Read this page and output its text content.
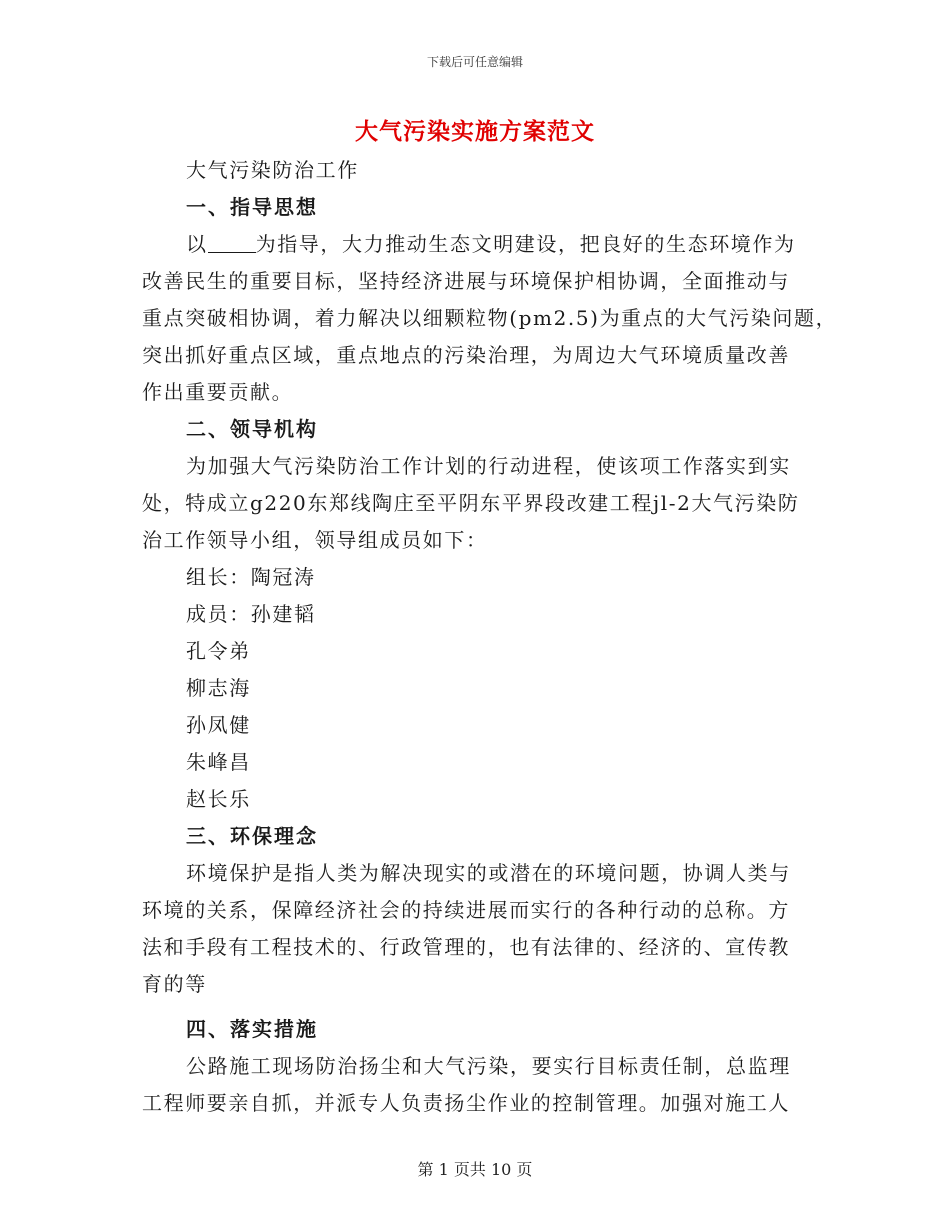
下载后可任意编辑
大气污染实施方案范文
大气污染防治工作
一、指导思想
以 为指导，大力推动生态文明建设，把良好的生态环境作为
改善民生的重要目标，坚持经济进展与环境保护相协调，全面推动与
重点突破相协调，着力解决以细颗粒物(pm2.5)为重点的大气污染问题，
突出抓好重点区域，重点地点的污染治理，为周边大气环境质量改善
作出重要贡献。
二、领导机构
为加强大气污染防治工作计划的行动进程，使该项工作落实到实
处，特成立g220东郑线陶庄至平阴东平界段改建工程jl-2大气污染防
治工作领导小组，领导组成员如下：
组长：陶冠涛
成员：孙建韬
孔令弟
柳志海
孙凤健
朱峰昌
赵长乐
三、环保理念
环境保护是指人类为解决现实的或潜在的环境问题，协调人类与
环境的关系，保障经济社会的持续进展而实行的各种行动的总称。方
法和手段有工程技术的、行政管理的，也有法律的、经济的、宣传教
育的等
四、落实措施
公路施工现场防治扬尘和大气污染，要实行目标责任制，总监理
工程师要亲自抓，并派专人负责扬尘作业的控制管理。加强对施工人
第 1 页共 10 页
